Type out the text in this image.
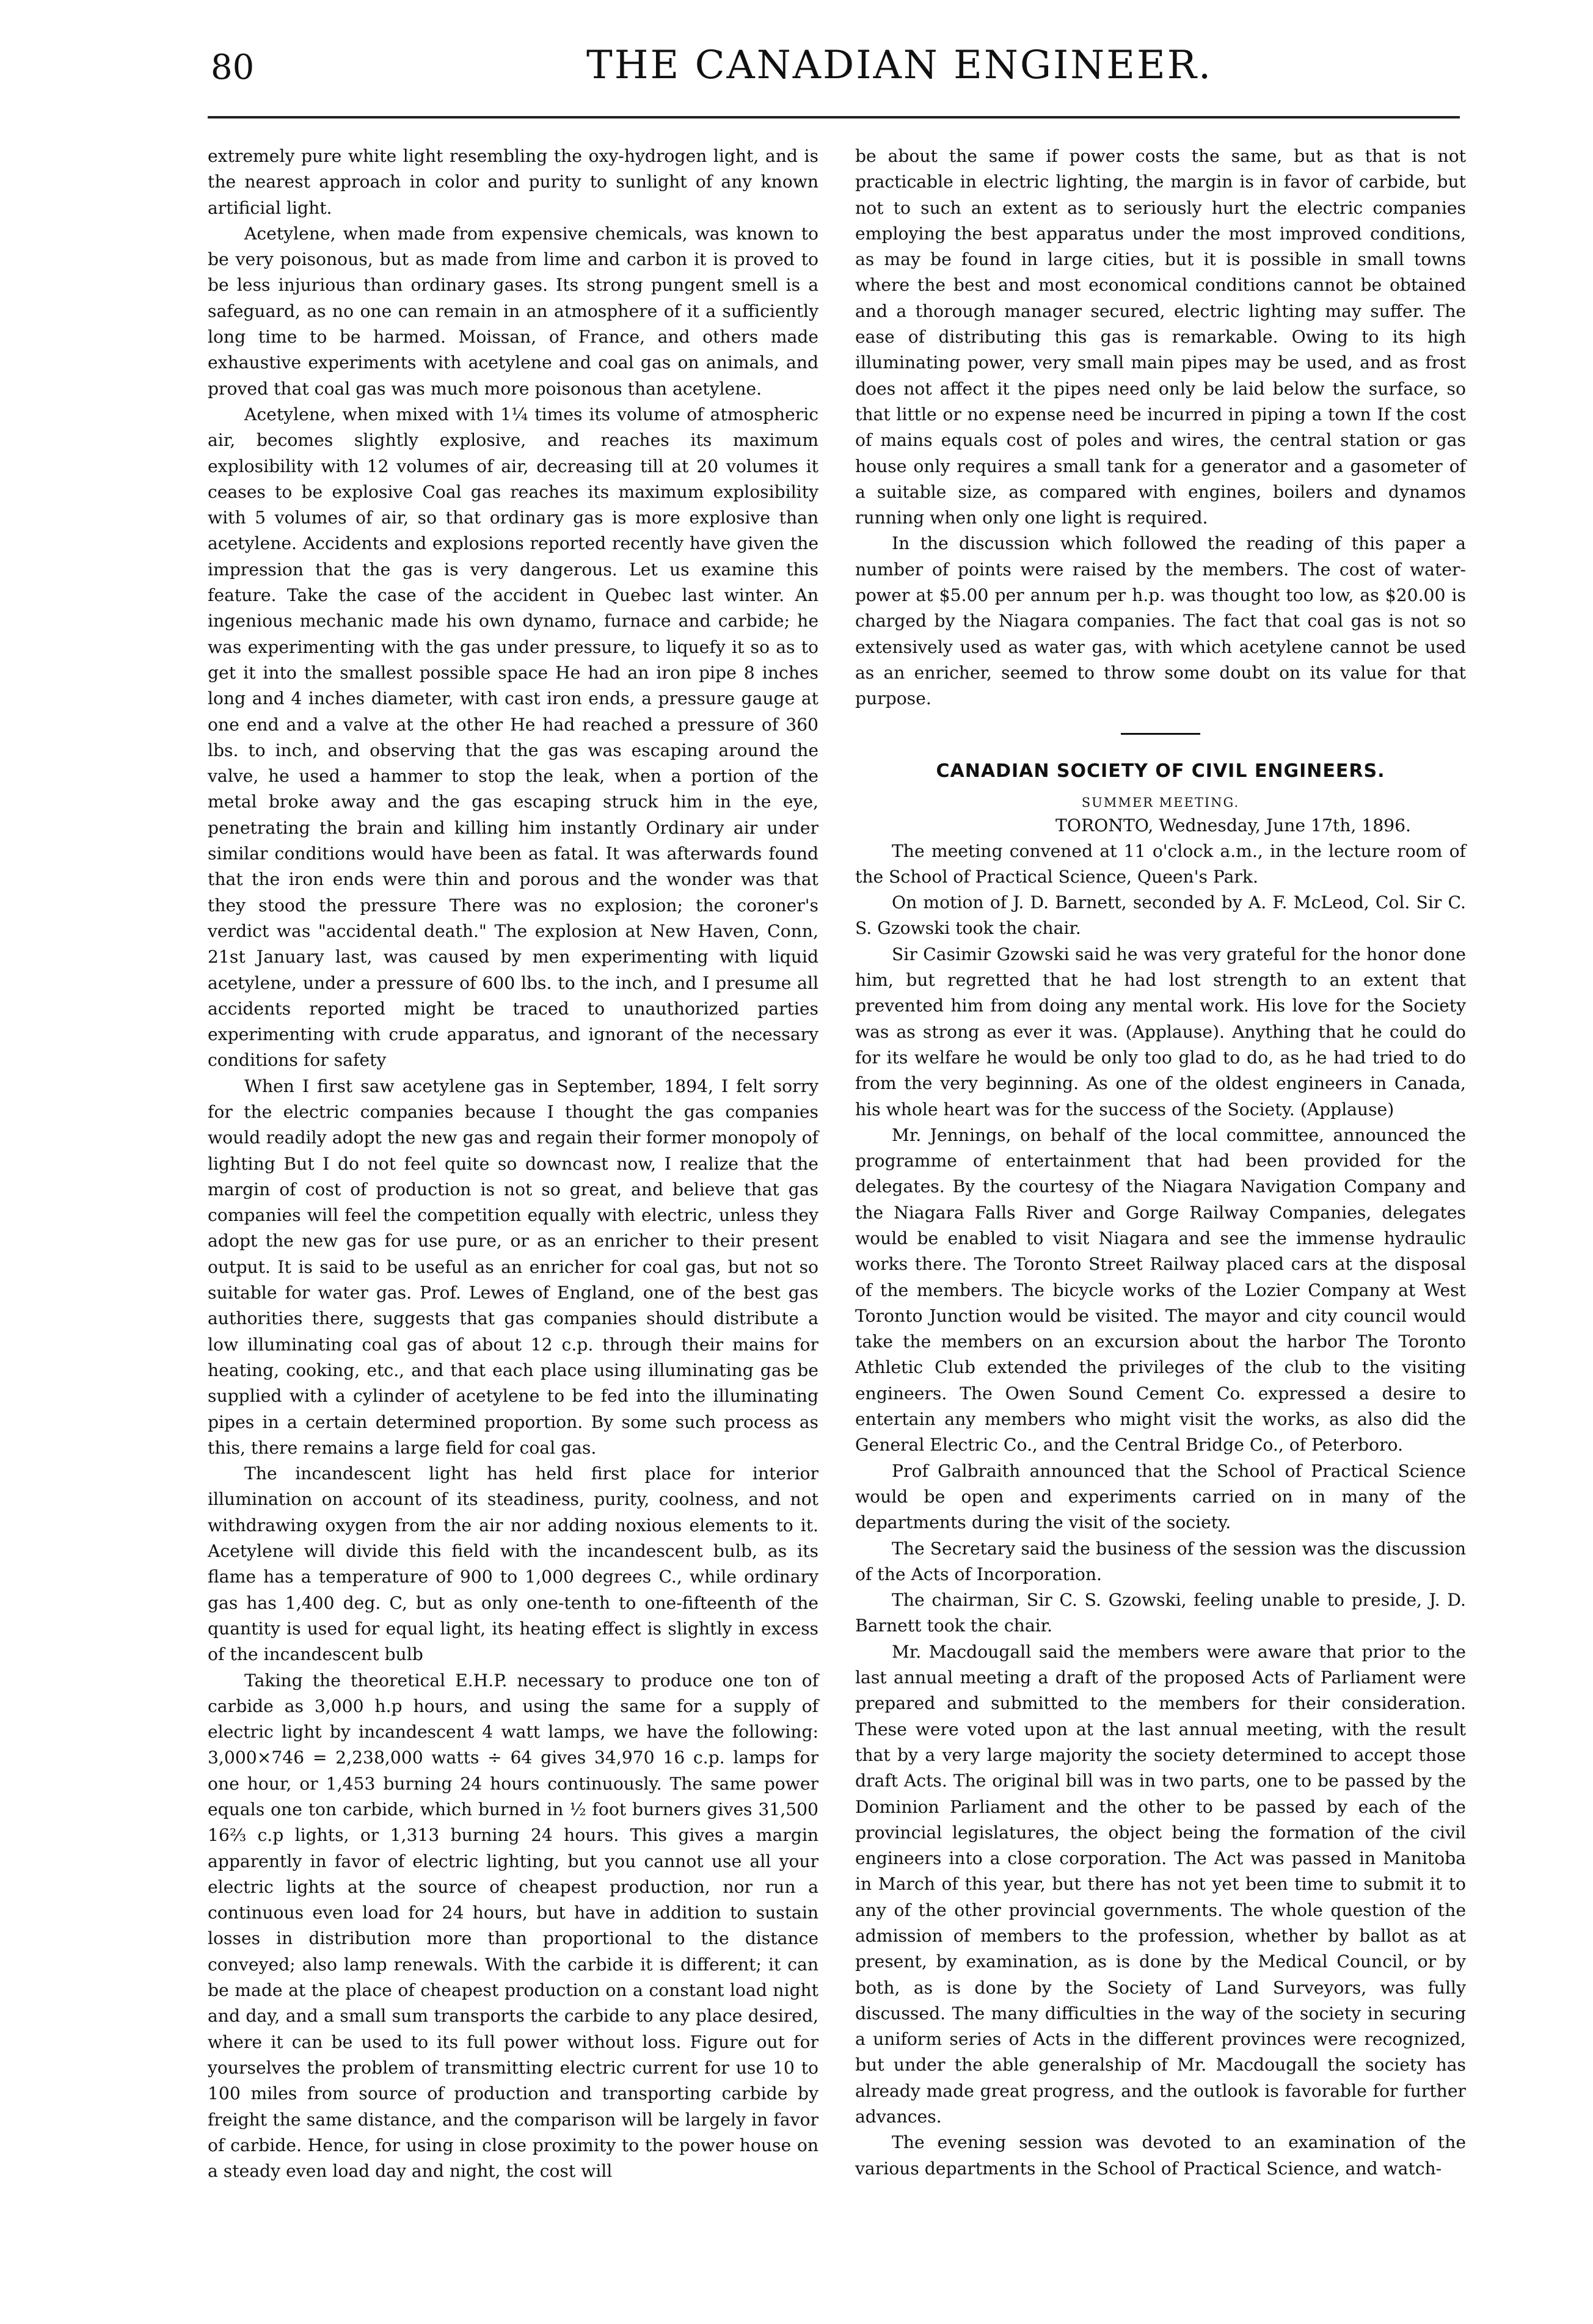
80	THE CANADIAN ENGINEER.

extremely pure white light resembling the oxy-hydrogen light, and is the nearest approach in color and purity to sunlight of any known artificial light.

Acetylene, when made from expensive chemicals, was known to be very poisonous, but as made from lime and carbon it is proved to be less injurious than ordinary gases. Its strong pungent smell is a safeguard, as no one can remain in an atmosphere of it a sufficiently long time to be harmed. Moissan, of France, and others made exhaustive experiments with acetylene and coal gas on animals, and proved that coal gas was much more poisonous than acetylene.

Acetylene, when mixed with 1¼ times its volume of atmospheric air, becomes slightly explosive, and reaches its maximum explosibility with 12 volumes of air, decreasing till at 20 volumes it ceases to be explosive Coal gas reaches its maximum explosibility with 5 volumes of air, so that ordinary gas is more explosive than acetylene. Accidents and explosions reported recently have given the impression that the gas is very dangerous. Let us examine this feature. Take the case of the accident in Quebec last winter. An ingenious mechanic made his own dynamo, furnace and carbide; he was experimenting with the gas under pressure, to liquefy it so as to get it into the smallest possible space He had an iron pipe 8 inches long and 4 inches diameter, with cast iron ends, a pressure gauge at one end and a valve at the other He had reached a pressure of 360 lbs. to inch, and observing that the gas was escaping around the valve, he used a hammer to stop the leak, when a portion of the metal broke away and the gas escaping struck him in the eye, penetrating the brain and killing him instantly Ordinary air under similar conditions would have been as fatal. It was afterwards found that the iron ends were thin and porous and the wonder was that they stood the pressure There was no explosion; the coroner's verdict was "accidental death." The explosion at New Haven, Conn, 21st January last, was caused by men experimenting with liquid acetylene, under a pressure of 600 lbs. to the inch, and I presume all accidents reported might be traced to unauthorized parties experimenting with crude apparatus, and ignorant of the necessary conditions for safety

When I first saw acetylene gas in September, 1894, I felt sorry for the electric companies because I thought the gas companies would readily adopt the new gas and regain their former monopoly of lighting But I do not feel quite so downcast now, I realize that the margin of cost of production is not so great, and believe that gas companies will feel the competition equally with electric, unless they adopt the new gas for use pure, or as an enricher to their present output. It is said to be useful as an enricher for coal gas, but not so suitable for water gas. Prof. Lewes of England, one of the best gas authorities there, suggests that gas companies should distribute a low illuminating coal gas of about 12 c.p. through their mains for heating, cooking, etc., and that each place using illuminating gas be supplied with a cylinder of acetylene to be fed into the illuminating pipes in a certain determined proportion. By some such process as this, there remains a large field for coal gas.

The incandescent light has held first place for interior illumination on account of its steadiness, purity, coolness, and not withdrawing oxygen from the air nor adding noxious elements to it. Acetylene will divide this field with the incandescent bulb, as its flame has a temperature of 900 to 1,000 degrees C., while ordinary gas has 1,400 deg. C, but as only one-tenth to one-fifteenth of the quantity is used for equal light, its heating effect is slightly in excess of the incandescent bulb

Taking the theoretical E.H.P. necessary to produce one ton of carbide as 3,000 h.p hours, and using the same for a supply of electric light by incandescent 4 watt lamps, we have the following: 3,000×746 = 2,238,000 watts ÷ 64 gives 34,970 16 c.p. lamps for one hour, or 1,453 burning 24 hours continuously. The same power equals one ton carbide, which burned in ½ foot burners gives 31,500 16⅔ c.p lights, or 1,313 burning 24 hours. This gives a margin apparently in favor of electric lighting, but you cannot use all your electric lights at the source of cheapest production, nor run a continuous even load for 24 hours, but have in addition to sustain losses in distribution more than proportional to the distance conveyed; also lamp renewals. With the carbide it is different; it can be made at the place of cheapest production on a constant load night and day, and a small sum transports the carbide to any place desired, where it can be used to its full power without loss. Figure out for yourselves the problem of transmitting electric current for use 10 to 100 miles from source of production and transporting carbide by freight the same distance, and the comparison will be largely in favor of carbide. Hence, for using in close proximity to the power house on a steady even load day and night, the cost will

be about the same if power costs the same, but as that is not practicable in electric lighting, the margin is in favor of carbide, but not to such an extent as to seriously hurt the electric companies employing the best apparatus under the most improved conditions, as may be found in large cities, but it is possible in small towns where the best and most economical conditions cannot be obtained and a thorough manager secured, electric lighting may suffer. The ease of distributing this gas is remarkable. Owing to its high illuminating power, very small main pipes may be used, and as frost does not affect it the pipes need only be laid below the surface, so that little or no expense need be incurred in piping a town If the cost of mains equals cost of poles and wires, the central station or gas house only requires a small tank for a generator and a gasometer of a suitable size, as compared with engines, boilers and dynamos running when only one light is required.

In the discussion which followed the reading of this paper a number of points were raised by the members. The cost of water-power at $5.00 per annum per h.p. was thought too low, as $20.00 is charged by the Niagara companies. The fact that coal gas is not so extensively used as water gas, with which acetylene cannot be used as an enricher, seemed to throw some doubt on its value for that purpose.

CANADIAN SOCIETY OF CIVIL ENGINEERS.
SUMMER MEETING.
TORONTO, Wednesday, June 17th, 1896.

The meeting convened at 11 o'clock a.m., in the lecture room of the School of Practical Science, Queen's Park.

On motion of J. D. Barnett, seconded by A. F. McLeod, Col. Sir C. S. Gzowski took the chair.

Sir Casimir Gzowski said he was very grateful for the honor done him, but regretted that he had lost strength to an extent that prevented him from doing any mental work. His love for the Society was as strong as ever it was. (Applause). Anything that he could do for its welfare he would be only too glad to do, as he had tried to do from the very beginning. As one of the oldest engineers in Canada, his whole heart was for the success of the Society. (Applause)

Mr. Jennings, on behalf of the local committee, announced the programme of entertainment that had been provided for the delegates. By the courtesy of the Niagara Navigation Company and the Niagara Falls River and Gorge Railway Companies, delegates would be enabled to visit Niagara and see the immense hydraulic works there. The Toronto Street Railway placed cars at the disposal of the members. The bicycle works of the Lozier Company at West Toronto Junction would be visited. The mayor and city council would take the members on an excursion about the harbor The Toronto Athletic Club extended the privileges of the club to the visiting engineers. The Owen Sound Cement Co. expressed a desire to entertain any members who might visit the works, as also did the General Electric Co., and the Central Bridge Co., of Peterboro.

Prof Galbraith announced that the School of Practical Science would be open and experiments carried on in many of the departments during the visit of the society.

The Secretary said the business of the session was the discussion of the Acts of Incorporation.

The chairman, Sir C. S. Gzowski, feeling unable to preside, J. D. Barnett took the chair.

Mr. Macdougall said the members were aware that prior to the last annual meeting a draft of the proposed Acts of Parliament were prepared and submitted to the members for their consideration. These were voted upon at the last annual meeting, with the result that by a very large majority the society determined to accept those draft Acts. The original bill was in two parts, one to be passed by the Dominion Parliament and the other to be passed by each of the provincial legislatures, the object being the formation of the civil engineers into a close corporation. The Act was passed in Manitoba in March of this year, but there has not yet been time to submit it to any of the other provincial governments. The whole question of the admission of members to the profession, whether by ballot as at present, by examination, as is done by the Medical Council, or by both, as is done by the Society of Land Surveyors, was fully discussed. The many difficulties in the way of the society in securing a uniform series of Acts in the different provinces were recognized, but under the able generalship of Mr. Macdougall the society has already made great progress, and the outlook is favorable for further advances.

The evening session was devoted to an examination of the various departments in the School of Practical Science, and watch-
